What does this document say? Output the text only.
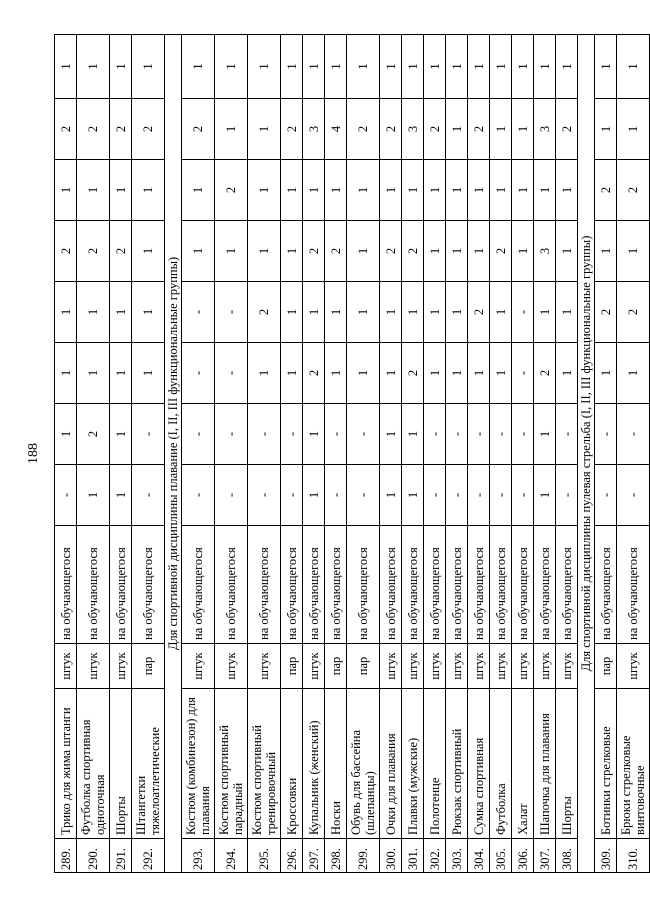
188
289.	Трико для жима штанги	штук	на обучающегося	-	1	1	1	2	1	2	1
290.	Футболка спортивная одноточная	штук	на обучающегося	1	2	1	1	2	1	2	1
291.	Шорты	штук	на обучающегося	1	1	1	1	2	1	2	1
292.	Штангетки тяжелоатлетические	пар	на обучающегося	-	-	1	1	1	1	2	1
Для спортивной дисциплины плавание (I, II, III функциональные группы)											
293.	Костюм (комбинезон) для плавания	штук	на обучающегося	-	-	-	-	1	1	2	1
294.	Костюм спортивный парадный	штук	на обучающегося	-	-	-	-	1	2	1	1
295.	Костюм спортивный тренировочный	штук	на обучающегося	-	-	1	2	1	1	1	1
296.	Кроссовки	пар	на обучающегося	-	-	1	1	1	1	2	1
297.	Купальник (женский)	штук	на обучающегося	1	1	2	1	2	1	3	1
298.	Носки	пар	на обучающегося	-	-	1	1	2	1	4	1
299.	Обувь для бассейна (шлепанцы)	пар	на обучающегося	-	-	1	1	1	1	2	1
300.	Очки для плавания	штук	на обучающегося	1	1	1	1	2	1	2	1
301.	Плавки (мужские)	штук	на обучающегося	1	1	2	1	2	1	3	1
302.	Полотенце	штук	на обучающегося	-	-	1	1	1	1	2	1
303.	Рюкзак спортивный	штук	на обучающегося	-	-	1	1	1	1	1	1
304.	Сумка спортивная	штук	на обучающегося	-	-	1	2	1	1	2	1
305.	Футболка	штук	на обучающегося	-	-	1	1	2	1	1	1
306.	Халат	штук	на обучающегося	-	-	-	-	1	1	1	1
307.	Шапочка для плавания	штук	на обучающегося	1	1	2	1	3	1	3	1
308.	Шорты	штук	на обучающегося	-	-	1	1	1	1	2	1
Для спортивной дисциплины пулевая стрельба (I, II, III функциональные группы)											
309.	Ботинки стрелковые	пар	на обучающегося	-	-	1	2	1	2	1	1
310.	Брюки стрелковые винтовочные	штук	на обучающегося	-	-	1	2	1	2	1	1
